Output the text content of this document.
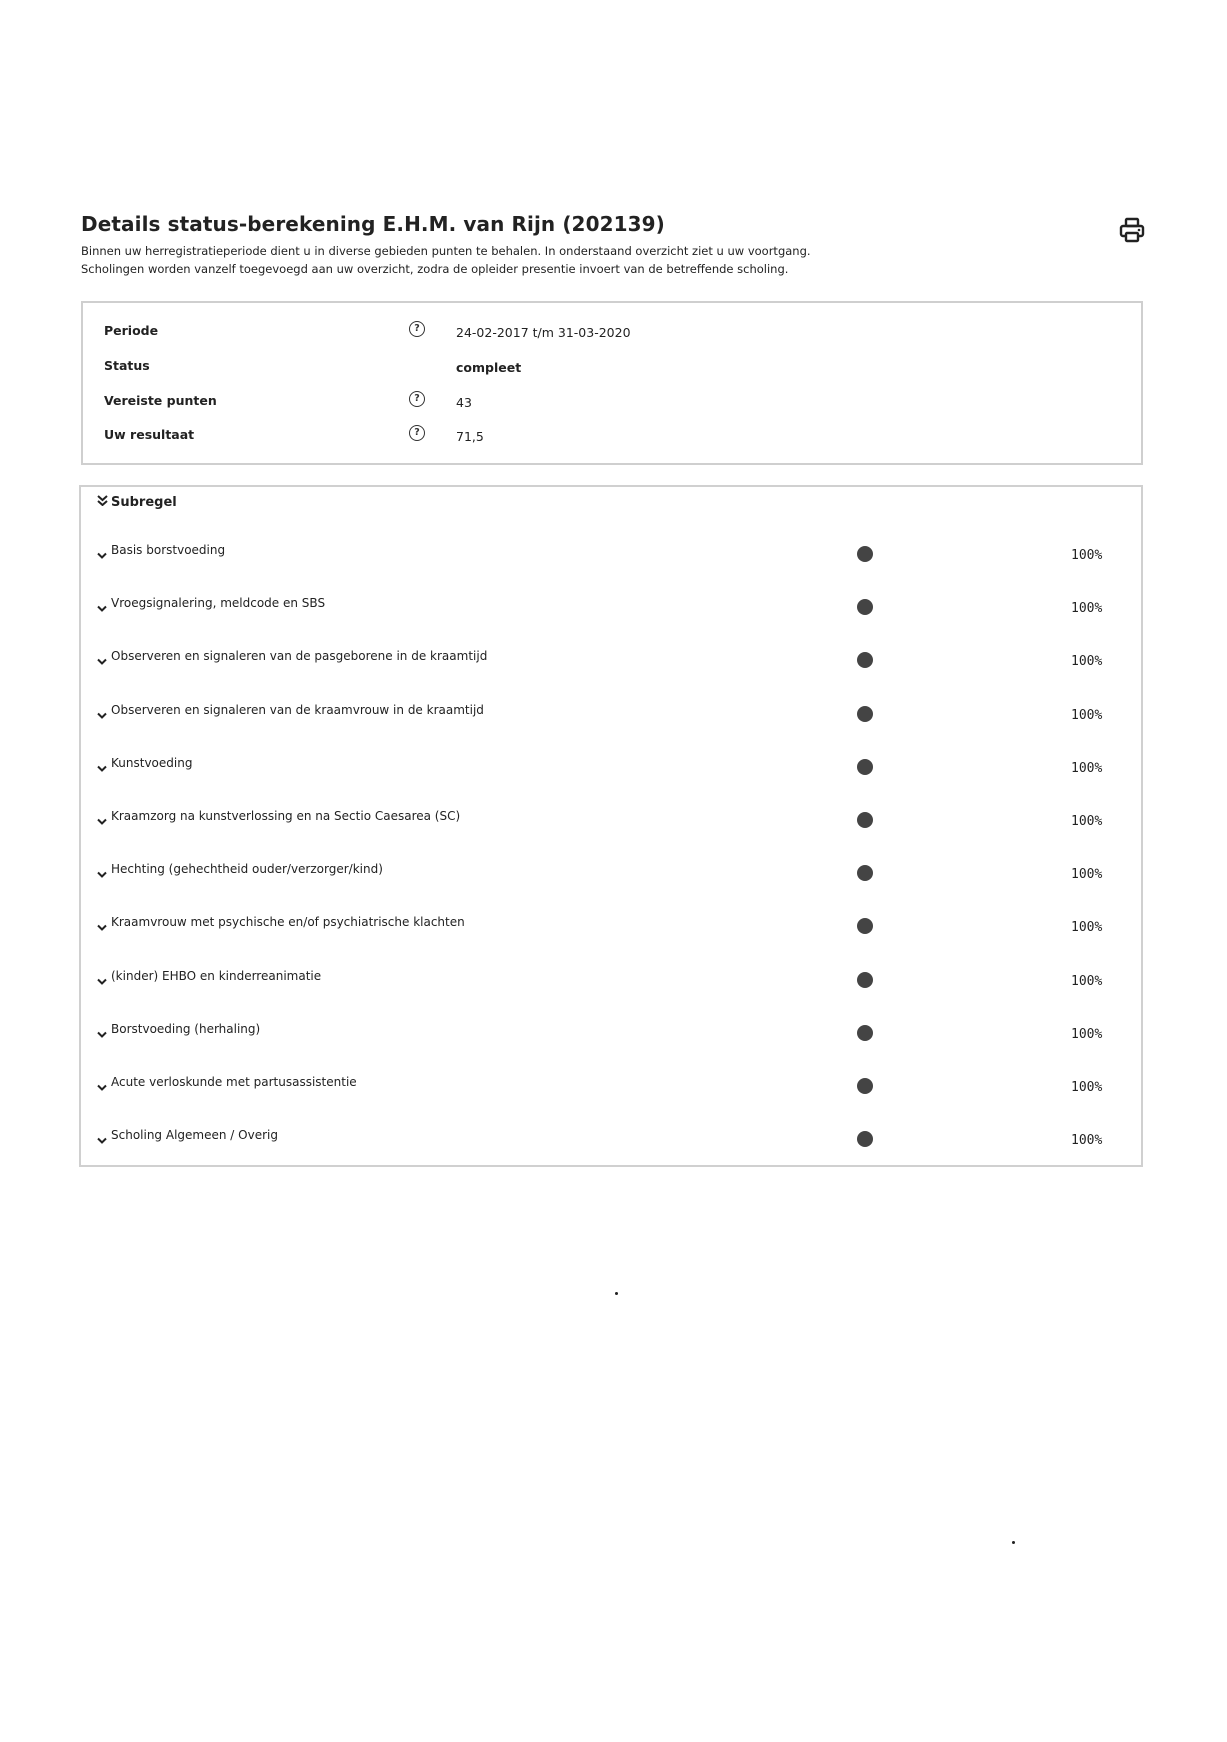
Details status-berekening E.H.M. van Rijn (202139)
Binnen uw herregistratieperiode dient u in diverse gebieden punten te behalen. In onderstaand overzicht ziet u uw voortgang.
Scholingen worden vanzelf toegevoegd aan uw overzicht, zodra de opleider presentie invoert van de betreffende scholing.
Periode	?	24-02-2017 t/m 31-03-2020
Status	compleet
Vereiste punten	?	43
Uw resultaat	?	71,5
Subregel
Basis borstvoeding	100%
Vroegsignalering, meldcode en SBS	100%
Observeren en signaleren van de pasgeborene in de kraamtijd	100%
Observeren en signaleren van de kraamvrouw in de kraamtijd	100%
Kunstvoeding	100%
Kraamzorg na kunstverlossing en na Sectio Caesarea (SC)	100%
Hechting (gehechtheid ouder/verzorger/kind)	100%
Kraamvrouw met psychische en/of psychiatrische klachten	100%
(kinder) EHBO en kinderreanimatie	100%
Borstvoeding (herhaling)	100%
Acute verloskunde met partusassistentie	100%
Scholing Algemeen / Overig	100%
